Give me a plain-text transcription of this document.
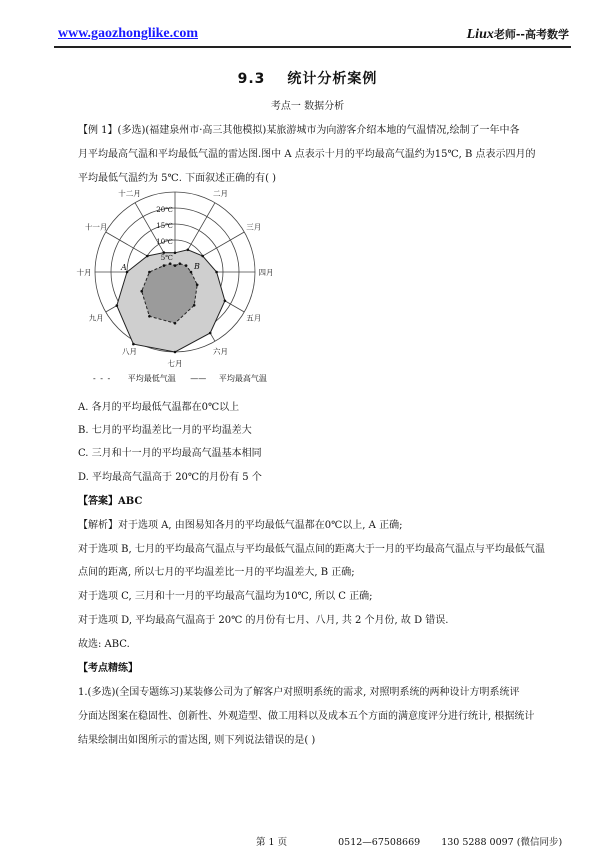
www.gaozhonglike.com	Liux老师--高考数学
9.3 统计分析案例
考点一 数据分析
【例 1】(多选)(福建泉州市·高三其他模拟)某旅游城市为向游客介绍本地的气温情况,绘制了一年中各
月平均最高气温和平均最低气温的雷达图.图中 A 点表示十月的平均最高气温约为15℃, B 点表示四月的
平均最低气温约为 5℃. 下面叙述正确的有( )
5℃
10℃
15℃
20℃
二月
三月
四月
五月
六月
七月
八月
九月
十月
十一月
十二月
A	B
- - - 平均最低气温 —— 平均最高气温
A. 各月的平均最低气温都在0℃以上
B. 七月的平均温差比一月的平均温差大
C. 三月和十一月的平均最高气温基本相同
D. 平均最高气温高于 20℃的月份有 5 个
【答案】ABC
【解析】对于选项 A, 由图易知各月的平均最低气温都在0℃以上, A 正确;
对于选项 B, 七月的平均最高气温点与平均最低气温点间的距离大于一月的平均最高气温点与平均最低气温
点间的距离, 所以七月的平均温差比一月的平均温差大, B 正确;
对于选项 C, 三月和十一月的平均最高气温均为10℃, 所以 C 正确;
对于选项 D, 平均最高气温高于 20℃ 的月份有七月、八月, 共 2 个月份, 故 D 错误.
故选: ABC.
【考点精练】
1.(多选)(全国专题练习)某装修公司为了解客户对照明系统的需求, 对照明系统的两种设计方明系统评
分面达图案在稳固性、创新性、外观造型、做工用料以及成本五个方面的满意度评分进行统计, 根据统计
结果绘制出如图所示的雷达图, 则下列说法错误的是( )
第 1 页	0512—67508669 130 5288 0097 (微信同步)
